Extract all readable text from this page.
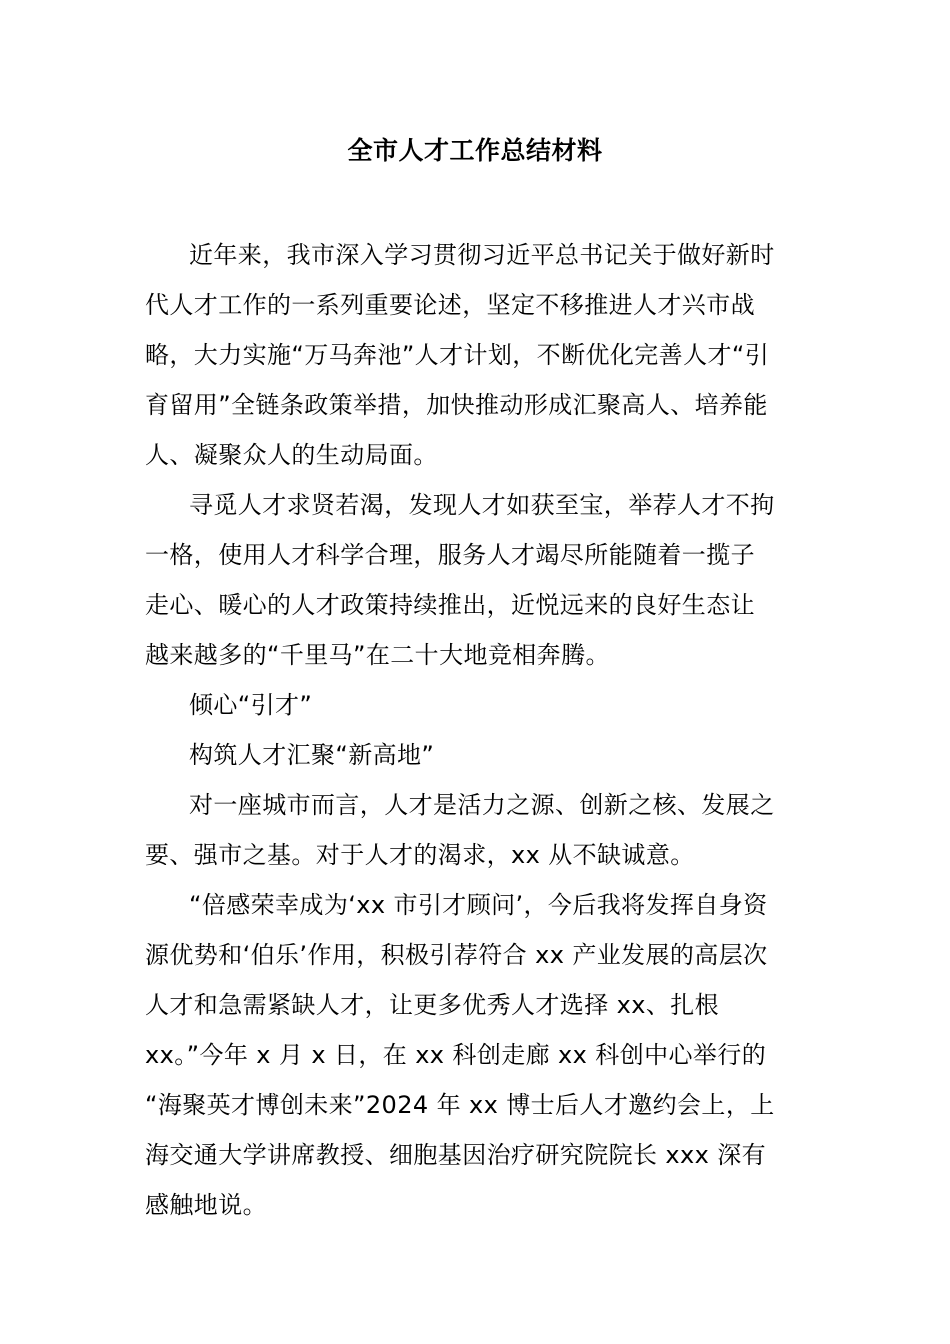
全市人才工作总结材料
近年来，我市深入学习贯彻习近平总书记关于做好新时
代人才工作的一系列重要论述，坚定不移推进人才兴市战
略，大力实施“万马奔池”人才计划，不断优化完善人才“引
育留用”全链条政策举措，加快推动形成汇聚高人、培养能
人、凝聚众人的生动局面。
寻觅人才求贤若渴，发现人才如获至宝，举荐人才不拘
一格，使用人才科学合理，服务人才竭尽所能随着一揽子
走心、暖心的人才政策持续推出，近悦远来的良好生态让
越来越多的“千里马”在二十大地竞相奔腾。
倾心“引才”
构筑人才汇聚“新高地”
对一座城市而言，人才是活力之源、创新之核、发展之
要、强市之基。对于人才的渴求，xx 从不缺诚意。
“倍感荣幸成为‘xx 市引才顾问’，今后我将发挥自身资
源优势和‘伯乐’作用，积极引荐符合 xx 产业发展的高层次
人才和急需紧缺人才，让更多优秀人才选择 xx、扎根
xx。”今年 x 月 x 日，在 xx 科创走廊 xx 科创中心举行的
“海聚英才博创未来”2024 年 xx 博士后人才邀约会上，上
海交通大学讲席教授、细胞基因治疗研究院院长 xxx 深有
感触地说。
